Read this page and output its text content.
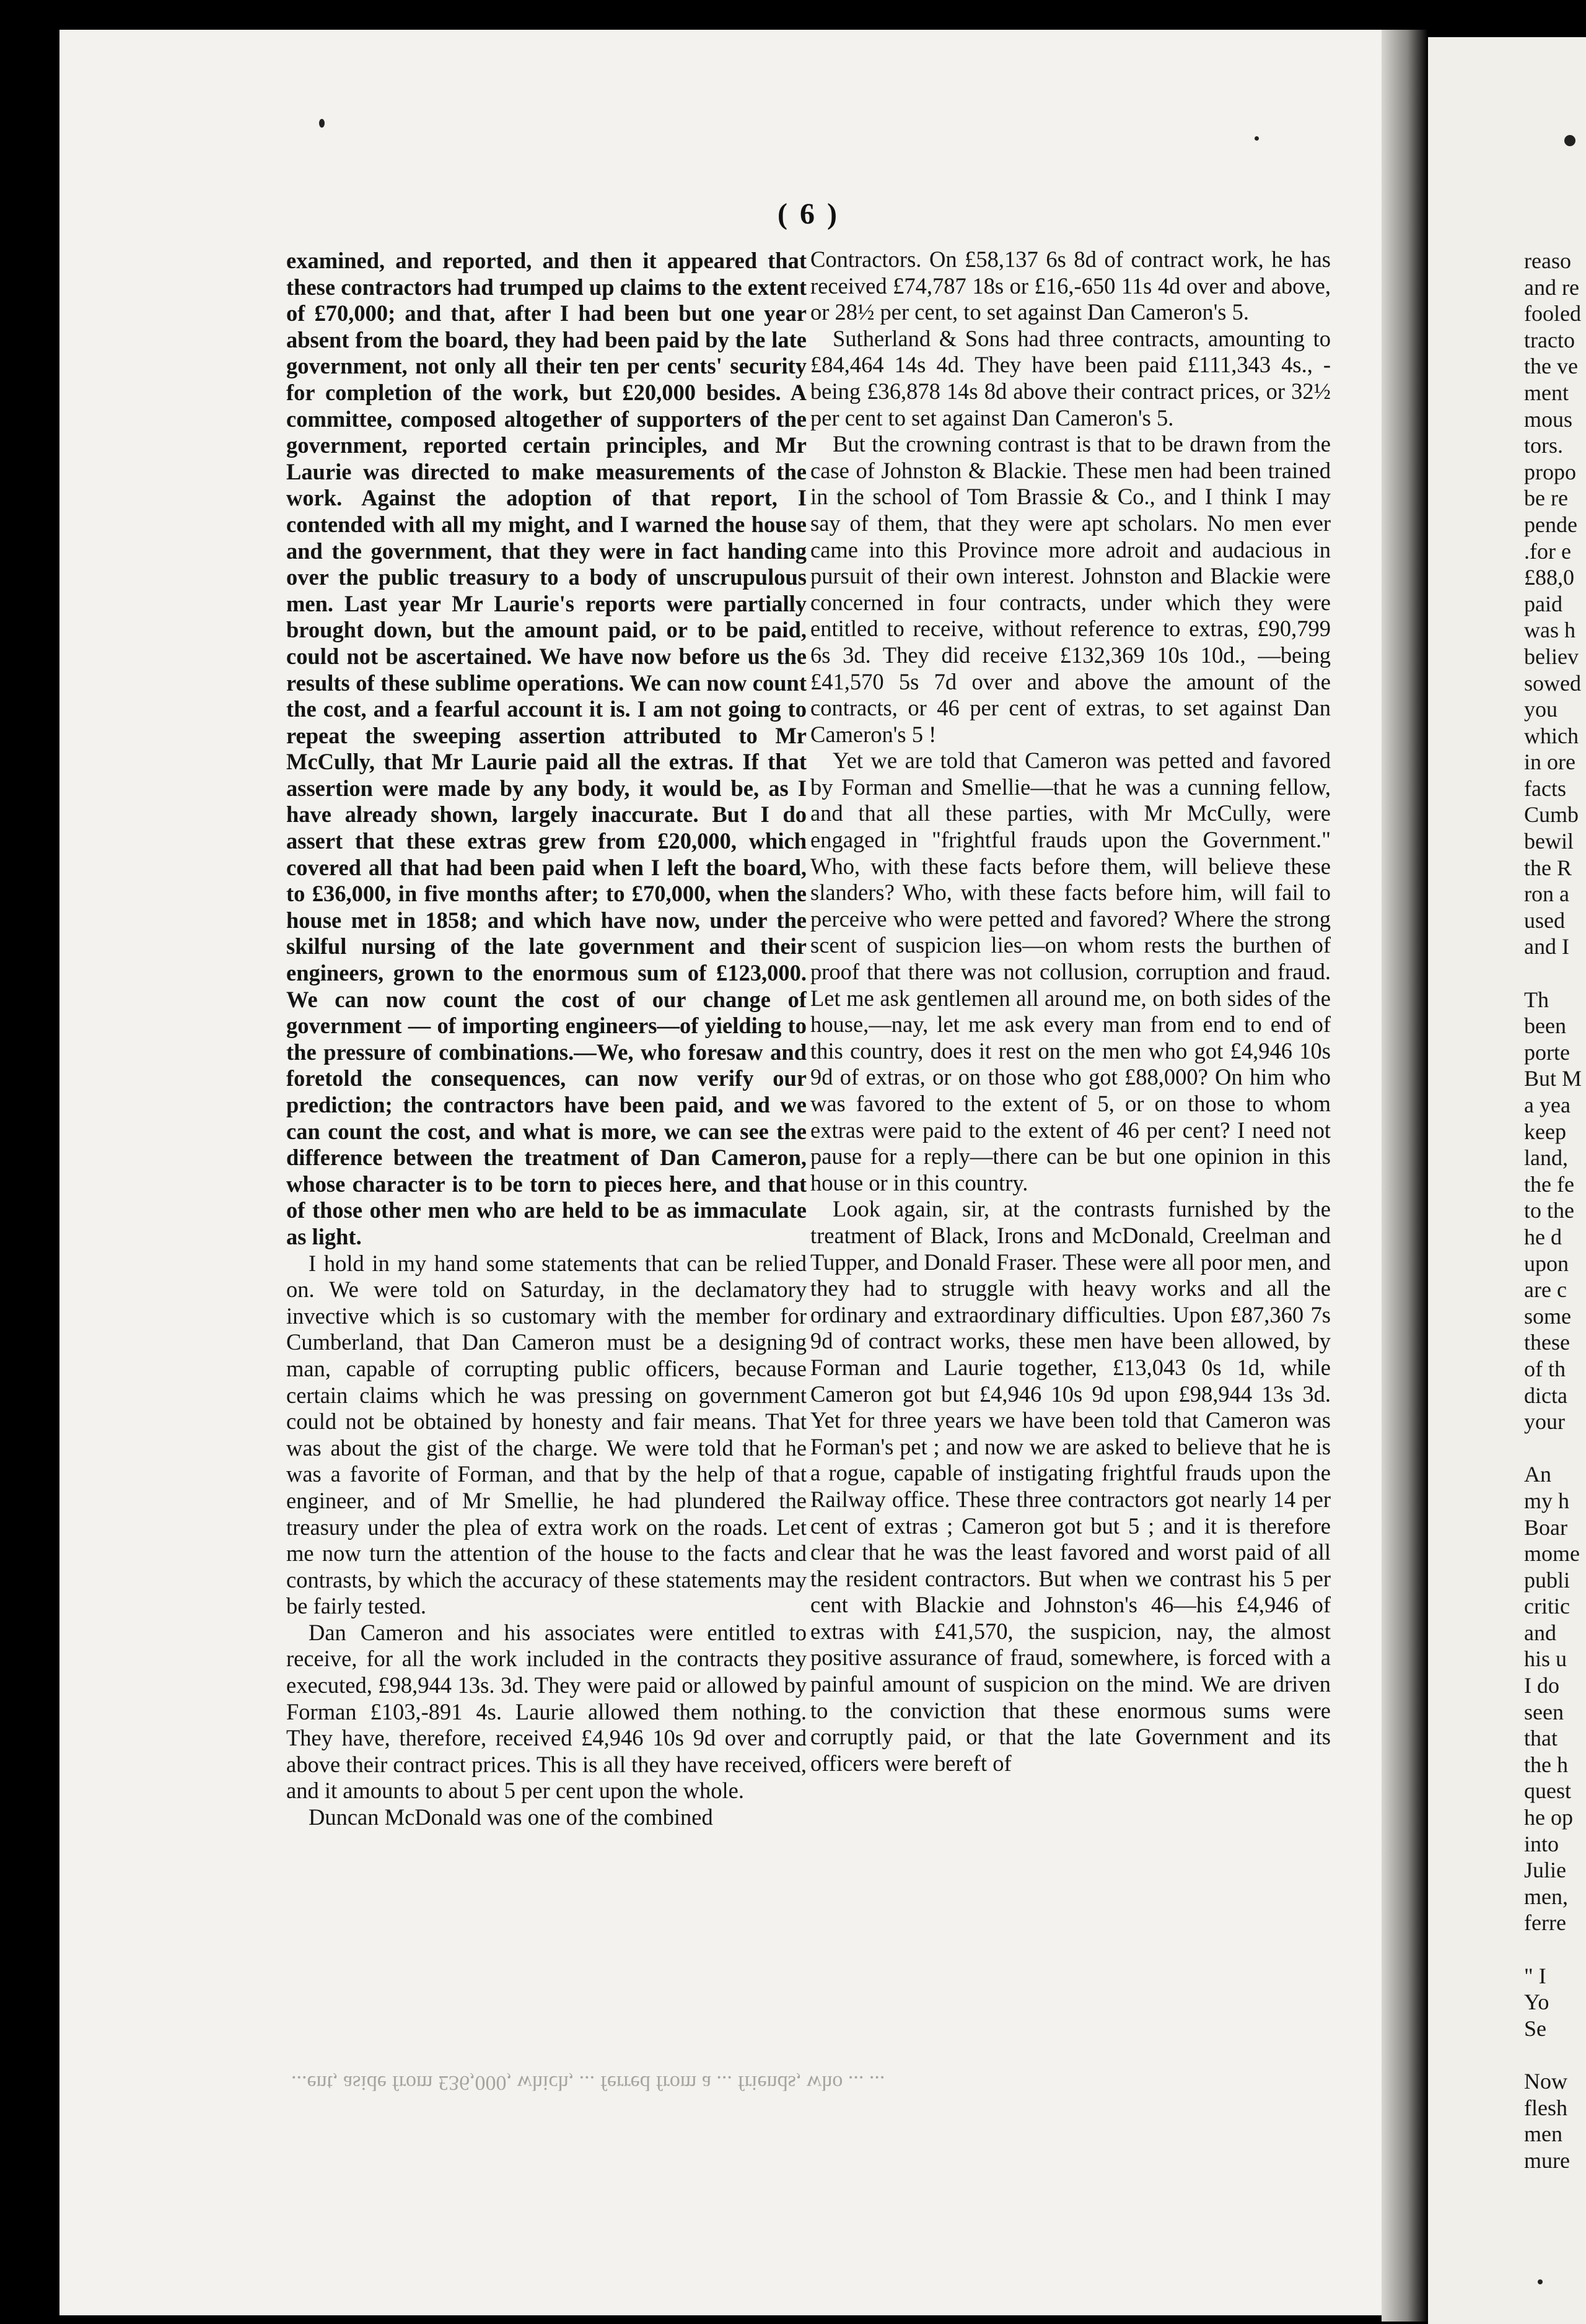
( 6 )

examined, and reported, and then it appeared that these contractors had trumped up claims to the extent of £70,000; and that, after I had been but one year absent from the board, they had been paid by the late government, not only all their ten per cents' security for completion of the work, but £20,000 besides. A committee, composed altogether of supporters of the government, reported certain principles, and Mr Laurie was directed to make measurements of the work. Against the adoption of that report, I contended with all my might, and I warned the house and the government, that they were in fact handing over the public treasury to a body of unscrupulous men. Last year Mr Laurie's reports were partially brought down, but the amount paid, or to be paid, could not be ascertained. We have now before us the results of these sublime operations. We can now count the cost, and a fearful account it is. I am not going to repeat the sweeping assertion attributed to Mr McCully, that Mr Laurie paid all the extras. If that assertion were made by any body, it would be, as I have already shown, largely inaccurate. But I do assert that these extras grew from £20,000, which covered all that had been paid when I left the board, to £36,000, in five months after; to £70,000, when the house met in 1858; and which have now, under the skilful nursing of the late government and their engineers, grown to the enormous sum of £123,000. We can now count the cost of our change of government — of importing engineers—of yielding to the pressure of combinations.—We, who foresaw and foretold the consequences, can now verify our prediction; the contractors have been paid, and we can count the cost, and what is more, we can see the difference between the treatment of Dan Cameron, whose character is to be torn to pieces here, and that of those other men who are held to be as immaculate as light.

I hold in my hand some statements that can be relied on. We were told on Saturday, in the declamatory invective which is so customary with the member for Cumberland, that Dan Cameron must be a designing man, capable of corrupting public officers, because certain claims which he was pressing on government could not be obtained by honesty and fair means. That was about the gist of the charge. We were told that he was a favorite of Forman, and that by the help of that engineer, and of Mr Smellie, he had plundered the treasury under the plea of extra work on the roads. Let me now turn the attention of the house to the facts and contrasts, by which the accuracy of these statements may be fairly tested.

Dan Cameron and his associates were entitled to receive, for all the work included in the contracts they executed, £98,944 13s. 3d. They were paid or allowed by Forman £103,-891 4s. Laurie allowed them nothing. They have, therefore, received £4,946 10s 9d over and above their contract prices. This is all they have received, and it amounts to about 5 per cent upon the whole.

Duncan McDonald was one of the combined

Contractors. On £58,137 6s 8d of contract work, he has received £74,787 18s or £16,-650 11s 4d over and above, or 28½ per cent, to set against Dan Cameron's 5.

Sutherland & Sons had three contracts, amounting to £84,464 14s 4d. They have been paid £111,343 4s., - being £36,878 14s 8d above their contract prices, or 32½ per cent to set against Dan Cameron's 5.

But the crowning contrast is that to be drawn from the case of Johnston & Blackie. These men had been trained in the school of Tom Brassie & Co., and I think I may say of them, that they were apt scholars. No men ever came into this Province more adroit and audacious in pursuit of their own interest. Johnston and Blackie were concerned in four contracts, under which they were entitled to receive, without reference to extras, £90,799 6s 3d. They did receive £132,369 10s 10d., —being £41,570 5s 7d over and above the amount of the contracts, or 46 per cent of extras, to set against Dan Cameron's 5 !

Yet we are told that Cameron was petted and favored by Forman and Smellie—that he was a cunning fellow, and that all these parties, with Mr McCully, were engaged in "frightful frauds upon the Government." Who, with these facts before them, will believe these slanders? Who, with these facts before him, will fail to perceive who were petted and favored? Where the strong scent of suspicion lies—on whom rests the burthen of proof that there was not collusion, corruption and fraud. Let me ask gentlemen all around me, on both sides of the house,—nay, let me ask every man from end to end of this country, does it rest on the men who got £4,946 10s 9d of extras, or on those who got £88,000? On him who was favored to the extent of 5, or on those to whom extras were paid to the extent of 46 per cent? I need not pause for a reply—there can be but one opinion in this house or in this country.

Look again, sir, at the contrasts furnished by the treatment of Black, Irons and McDonald, Creelman and Tupper, and Donald Fraser. These were all poor men, and they had to struggle with heavy works and all the ordinary and extraordinary difficulties. Upon £87,360 7s 9d of contract works, these men have been allowed, by Forman and Laurie together, £13,043 0s 1d, while Cameron got but £4,946 10s 9d upon £98,944 13s 3d. Yet for three years we have been told that Cameron was Forman's pet ; and now we are asked to believe that he is a rogue, capable of instigating frightful frauds upon the Railway office. These three contractors got nearly 14 per cent of extras ; Cameron got but 5 ; and it is therefore clear that he was the least favored and worst paid of all the resident contractors. But when we contrast his 5 per cent with Blackie and Johnston's 46—his £4,946 of extras with £41,570, the suspicion, nay, the almost positive assurance of fraud, somewhere, is forced with a painful amount of suspicion on the mind. We are driven to the conviction that these enormous sums were corruptly paid, or that the late Government and its officers were bereft of

reaso
and re
fooled
tracto
the ve
ment
mous
tors.
propo
be re
pende
.for e
£88,0
paid
was h
believ
sowed
you
which
in ore
facts
Cumb
bewil
the R
ron a
used
and I

Th
been
porte
But M
a yea
keep
land,
the fe
to the
he d
upon
are c
some
these
of th
dicta
your

An
my h
Boar
mome
publi
critic
and
his u
I do
seen
that
the h
quest
he op
into
Julie
men,
ferre

" I
Yo
Se

Now
flesh
men
mure
...ent, aside from £36,000, which, ... ferred from a ... friends, who ... ...
